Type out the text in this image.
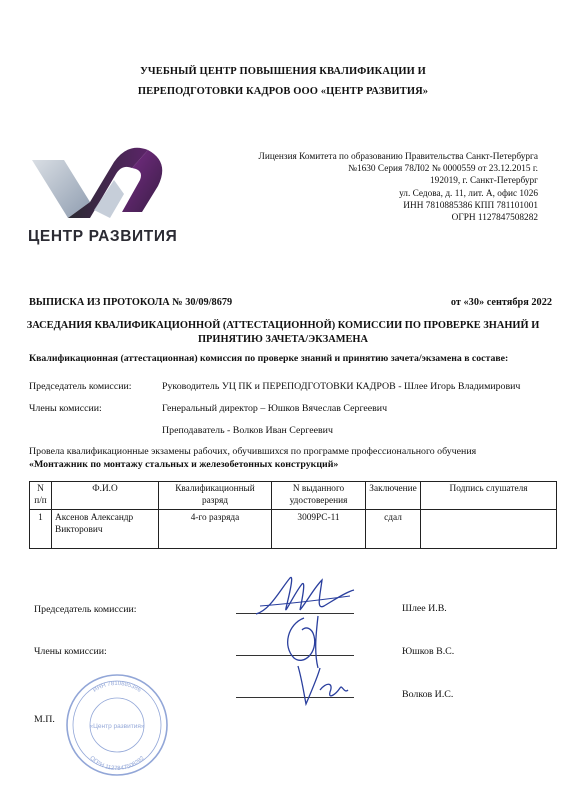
УЧЕБНЫЙ ЦЕНТР ПОВЫШЕНИЯ КВАЛИФИКАЦИИ И
ПЕРЕПОДГОТОВКИ КАДРОВ ООО «ЦЕНТР РАЗВИТИЯ»
ЦЕНТР РАЗВИТИЯ
Лицензия Комитета по образованию Правительства Санкт-Петербурга
№1630 Серия 78Л02 № 0000559 от 23.12.2015 г.
192019, г. Санкт-Петербург
ул. Седова, д. 11, лит. А, офис 1026
ИНН 7810885386 КПП 781101001
ОГРН 1127847508282
ВЫПИСКА ИЗ ПРОТОКОЛА № 30/09/8679	от «30» сентября 2022
ЗАСЕДАНИЯ КВАЛИФИКАЦИОННОЙ (АТТЕСТАЦИОННОЙ) КОМИССИИ ПО ПРОВЕРКЕ ЗНАНИЙ И
ПРИНЯТИЮ ЗАЧЕТА/ЭКЗАМЕНА
Квалификационная (аттестационная) комиссия по проверке знаний и принятию зачета/экзамена в составе:
Председатель комиссии:	Руководитель УЦ ПК и ПЕРЕПОДГОТОВКИ КАДРОВ - Шлее Игорь Владимирович
Члены комиссии:	Генеральный директор – Юшков Вячеслав Сергеевич
Преподаватель - Волков Иван Сергеевич
Провела квалификационные экзамены рабочих, обучившихся по программе профессионального обучения
«Монтажник по монтажу стальных и железобетонных конструкций»
N п/п	Ф.И.О	Квалификационный разряд	N выданного удостоверения	Заключение	Подпись слушателя
1	Аксенов Александр Викторович	4-го разряда	3009РС-11	сдал	
Председатель комиссии:
Члены комиссии:
М.П.
Шлее И.В.
Юшков В.С.
Волков И.С.
ИНН 7810885386
«Центр развития»
ОГРН 1127847508282
